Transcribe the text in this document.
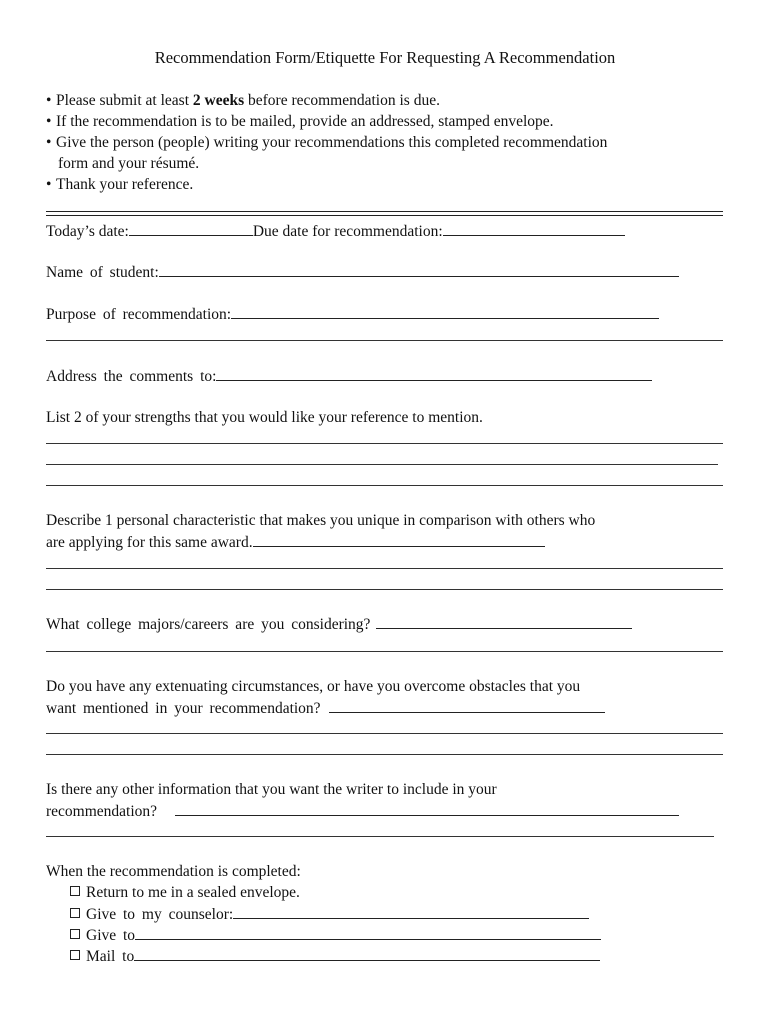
Recommendation Form/Etiquette For Requesting A Recommendation
• Please submit at least 2 weeks before recommendation is due.
• If the recommendation is to be mailed, provide an addressed, stamped envelope.
• Give the person (people) writing your recommendations this completed recommendation
form and your résumé.
• Thank your reference.
Today’s date:	Due date for recommendation:
Name of student:
Purpose of recommendation:
Address the comments to:
List 2 of your strengths that you would like your reference to mention.
Describe 1 personal characteristic that makes you unique in comparison with others who
are applying for this same award.
What college majors/careers are you considering?
Do you have any extenuating circumstances, or have you overcome obstacles that you
want mentioned in your recommendation?
Is there any other information that you want the writer to include in your
recommendation?
When the recommendation is completed:
Return to me in a sealed envelope.
Give to my counselor:
Give to
Mail to
